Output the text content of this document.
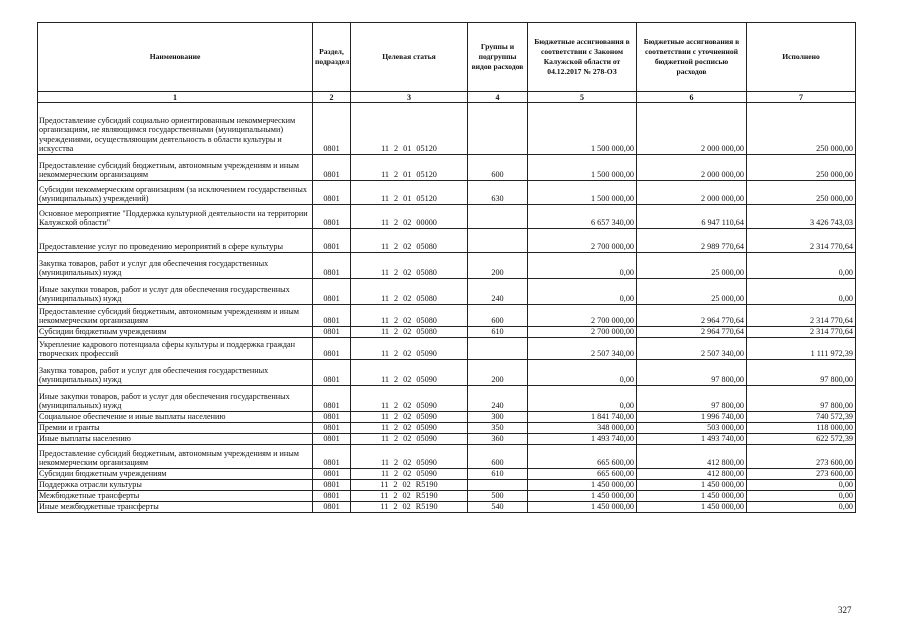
Наименование	Раздел, подраздел	Целевая статья	Группы и подгруппы видов расходов	Бюджетные ассигнования в соответствии с Законом Калужской области от 04.12.2017 № 278-ОЗ	Бюджетные ассигнования в соответствии с уточненной бюджетной росписью расходов	Исполнено
1	2	3	4	5	6	7
Предоставление субсидий социально ориентированным некоммерческим организациям, не являющимся государственными (муниципальными) учреждениями, осуществляющим деятельность в области культуры и искусства	0801	11 2 01 05120		1 500 000,00	2 000 000,00	250 000,00
Предоставление субсидий бюджетным, автономным учреждениям и иным некоммерческим организациям	0801	11 2 01 05120	600	1 500 000,00	2 000 000,00	250 000,00
Субсидии некоммерческим организациям (за исключением государственных (муниципальных) учреждений)	0801	11 2 01 05120	630	1 500 000,00	2 000 000,00	250 000,00
Основное мероприятие "Поддержка культурной деятельности на территории Калужской области"	0801	11 2 02 00000		6 657 340,00	6 947 110,64	3 426 743,03
Предоставление услуг по проведению мероприятий в сфере культуры	0801	11 2 02 05080		2 700 000,00	2 989 770,64	2 314 770,64
Закупка товаров, работ и услуг для обеспечения государственных (муниципальных) нужд	0801	11 2 02 05080	200	0,00	25 000,00	0,00
Иные закупки товаров, работ и услуг для обеспечения государственных (муниципальных) нужд	0801	11 2 02 05080	240	0,00	25 000,00	0,00
Предоставление субсидий бюджетным, автономным учреждениям и иным некоммерческим организациям	0801	11 2 02 05080	600	2 700 000,00	2 964 770,64	2 314 770,64
Субсидии бюджетным учреждениям	0801	11 2 02 05080	610	2 700 000,00	2 964 770,64	2 314 770,64
Укрепление кадрового потенциала сферы культуры и поддержка граждан творческих профессий	0801	11 2 02 05090		2 507 340,00	2 507 340,00	1 111 972,39
Закупка товаров, работ и услуг для обеспечения государственных (муниципальных) нужд	0801	11 2 02 05090	200	0,00	97 800,00	97 800,00
Иные закупки товаров, работ и услуг для обеспечения государственных (муниципальных) нужд	0801	11 2 02 05090	240	0,00	97 800,00	97 800,00
Социальное обеспечение и иные выплаты населению	0801	11 2 02 05090	300	1 841 740,00	1 996 740,00	740 572,39
Премии и гранты	0801	11 2 02 05090	350	348 000,00	503 000,00	118 000,00
Иные выплаты населению	0801	11 2 02 05090	360	1 493 740,00	1 493 740,00	622 572,39
Предоставление субсидий бюджетным, автономным учреждениям и иным некоммерческим организациям	0801	11 2 02 05090	600	665 600,00	412 800,00	273 600,00
Субсидии бюджетным учреждениям	0801	11 2 02 05090	610	665 600,00	412 800,00	273 600,00
Поддержка отрасли культуры	0801	11 2 02 R5190		1 450 000,00	1 450 000,00	0,00
Межбюджетные трансферты	0801	11 2 02 R5190	500	1 450 000,00	1 450 000,00	0,00
Иные межбюджетные трансферты	0801	11 2 02 R5190	540	1 450 000,00	1 450 000,00	0,00
327
